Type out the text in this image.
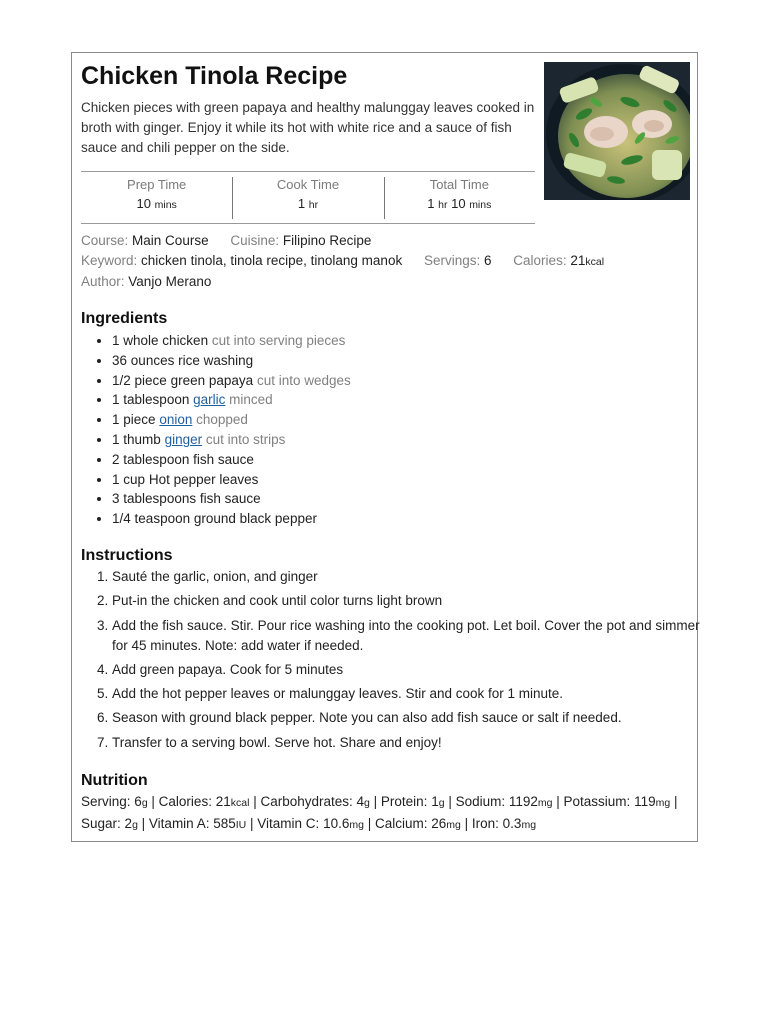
Chicken Tinola Recipe
Chicken pieces with green papaya and healthy malunggay leaves cooked in broth with ginger. Enjoy it while its hot with white rice and a sauce of fish sauce and chili pepper on the side.
Prep Time
10 mins
Cook Time
1 hr
Total Time
1 hr 10 mins
Course: Main Course Cuisine: Filipino Recipe
Keyword: chicken tinola, tinola recipe, tinolang manok Servings: 6 Calories: 21kcal
Author: Vanjo Merano
Ingredients
• 1 whole chicken cut into serving pieces
• 36 ounces rice washing
• 1/2 piece green papaya cut into wedges
• 1 tablespoon garlic minced
• 1 piece onion chopped
• 1 thumb ginger cut into strips
• 2 tablespoon fish sauce
• 1 cup Hot pepper leaves
• 3 tablespoons fish sauce
• 1/4 teaspoon ground black pepper
Instructions
1. Sauté the garlic, onion, and ginger
2. Put-in the chicken and cook until color turns light brown
3. Add the fish sauce. Stir. Pour rice washing into the cooking pot. Let boil. Cover the pot and simmer for 45 minutes. Note: add water if needed.
4. Add green papaya. Cook for 5 minutes
5. Add the hot pepper leaves or malunggay leaves. Stir and cook for 1 minute.
6. Season with ground black pepper. Note you can also add fish sauce or salt if needed.
7. Transfer to a serving bowl. Serve hot. Share and enjoy!
Nutrition
Serving: 6g | Calories: 21kcal | Carbohydrates: 4g | Protein: 1g | Sodium: 1192mg | Potassium: 119mg | Sugar: 2g | Vitamin A: 585IU | Vitamin C: 10.6mg | Calcium: 26mg | Iron: 0.3mg
